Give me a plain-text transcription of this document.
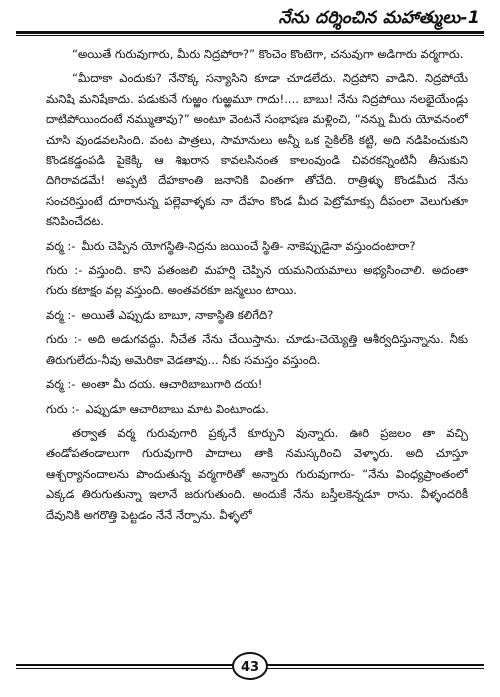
నేను దర్శించిన మహాత్ములు-1

“అయితే గురువుగారు, మీరు నిద్రపోరా?” కొంచెం కొంటెగా, చనువుగా అడిగారు వర్మగారు.

“మీదాకా ఎందుకు? నేనొక్క సన్యాసిని కూడా చూడలేదు. నిద్రపోని వాడిని. నిద్రపోయే మనిషి మనిషేకాదు. పడుకునే గుఱ్ఱం గుఱ్ఱమూ గాదు!.... బాబు! నేను నిద్రపోయి నలభైయేండ్లు దాటిపోయిందంటే నమ్ముతావు?” అంటూ వెంటనే సంభాషణ మళ్లించి, “నన్ను మీరు యోవనంలో చూసి వుండవలసింది. వంట పాత్రలు, సామానులు అన్నీ ఒక సైకిల్‌కి కట్టి, అది నడిపించుకుని కొండకడ్డంపడి పైకెక్కి ఆ శిఖరాన కావలసినంత కాలంవుండి చివరకన్నింటినీ తీసుకుని దిగిరావడమే! అప్పటి దేహకాంతి జనానికి వింతగా తోచేది. రాత్రిళ్ళు కొండమీద నేను సంచరిస్తుంటే దూరానున్న పల్లెవాళ్ళకు నా దేహం కొండ మీద పెట్రోమాక్సు దీపంలా వెలుగుతూ కనిపించేదట.

వర్మ :- మీరు చెప్పిన యోగస్థితి-నిద్రను జయించే స్థితి- నాకెప్పుడైనా వస్తుందంటారా?

గురు :- వస్తుంది. కాని పతంజలి మహర్షి చెప్పిన యమనియమాలు అభ్యసించాలి. అదంతా గురు కటాక్షం వల్ల వస్తుంది. అంతవరకూ జన్మలుం టాయి.

వర్మ :- అయితే ఎప్పుడు బాబూ, నాకాస్థితి కలిగేది?

గురు :- అది అడుగవద్దు. నీచేత నేను చేయిస్తాను. చూడు-చెయ్యెత్తి ఆశీర్వదిస్తున్నాను. నీకు తిరుగులేదు-నీవు అమెరికా వెడతావు... నీకు సమస్తం వస్తుంది.

వర్మ :- అంతా మీ దయ. ఆచారిబాబుగారి దయ!

గురు :- ఎప్పుడూ ఆచారిబాబు మాట వింటూండు.

తర్వాత వర్మ గురువుగారి ప్రక్కనే కూర్చుని వున్నారు. ఊరి ప్రజలం తా వచ్చి తండోపతండాలుగా గురువుగారి పాదాలు తాకి నమస్కరించి వెళ్ళారు. అది చూస్తూ ఆశ్చర్యానందాలను పొందుతున్న వర్మగారితో అన్నారు గురువుగారు- “నేను వింధ్యప్రాంతంలో ఎక్కడ తిరుగుతున్నా ఇలానే జరుగుతుంది. అందుకే నేను బస్తీలకెన్నడూ రాను. వీళ్ళందరికీ దేవునికి అగరొత్తి పెట్టడం నేనే నేర్పాను. వీళ్ళలో

43
